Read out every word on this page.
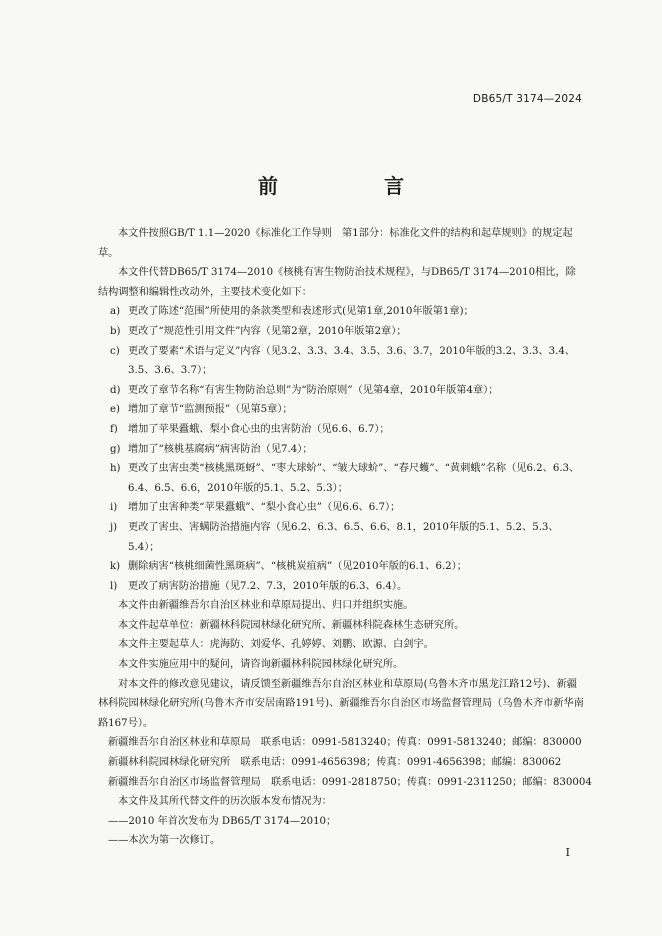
DB65/T 3174—2024
前　　言

本文件按照GB/T 1.1—2020《标准化工作导则　第1部分：标准化文件的结构和起草规则》的规定起草。

本文件代替DB65/T 3174—2010《核桃有害生物防治技术规程》，与DB65/T 3174—2010相比，除结构调整和编辑性改动外，主要技术变化如下：

a) 更改了陈述“范围”所使用的条款类型和表述形式(见第1章,2010年版第1章)；
b) 更改了“规范性引用文件”内容（见第2章，2010年版第2章）；
c) 更改了要素“术语与定义”内容（见3.2、3.3、3.4、3.5、3.6、3.7，2010年版的3.2、3.3、3.4、3.5、3.6、3.7）；
d) 更改了章节名称“有害生物防治总则”为“防治原则”（见第4章，2010年版第4章）；
e) 增加了章节“监测预报”（见第5章）；
f) 增加了苹果蠹蛾、梨小食心虫的虫害防治（见6.6、6.7）；
g) 增加了“核桃基腐病”病害防治（见7.4）；
h) 更改了虫害虫类“核桃黑斑蚜”、“枣大球蚧”、“皱大球蚧”、“春尺蠖”、“黄刺蛾”名称（见6.2、6.3、6.4、6.5、6.6，2010年版的5.1、5.2、5.3）；
i) 增加了虫害种类“苹果蠹蛾”、“梨小食心虫”（见6.6、6.7）；
j) 更改了害虫、害螨防治措施内容（见6.2、6.3、6.5、6.6、8.1，2010年版的5.1、5.2、5.3、5.4）；
k) 删除病害“核桃细菌性黑斑病”、“核桃炭疽病”（见2010年版的6.1、6.2）；
l) 更改了病害防治措施（见7.2、7.3，2010年版的6.3、6.4）。

本文件由新疆维吾尔自治区林业和草原局提出、归口并组织实施。

本文件起草单位：新疆林科院园林绿化研究所、新疆林科院森林生态研究所。

本文件主要起草人：虎海防、刘爱华、孔婷婷、刘鹏、欧源、白剑宇。

本文件实施应用中的疑问，请咨询新疆林科院园林绿化研究所。

对本文件的修改意见建议，请反馈至新疆维吾尔自治区林业和草原局(乌鲁木齐市黑龙江路12号)、新疆林科院园林绿化研究所(乌鲁木齐市安居南路191号)、新疆维吾尔自治区市场监督管理局（乌鲁木齐市新华南路167号）。

新疆维吾尔自治区林业和草原局　联系电话：0991-5813240；传真：0991-5813240；邮编：830000

新疆林科院园林绿化研究所　联系电话：0991-4656398；传真：0991-4656398；邮编：830062

新疆维吾尔自治区市场监督管理局　联系电话：0991-2818750；传真：0991-2311250；邮编：830004

本文件及其所代替文件的历次版本发布情况为：

——2010 年首次发布为 DB65/T 3174—2010；

——本次为第一次修订。

I
